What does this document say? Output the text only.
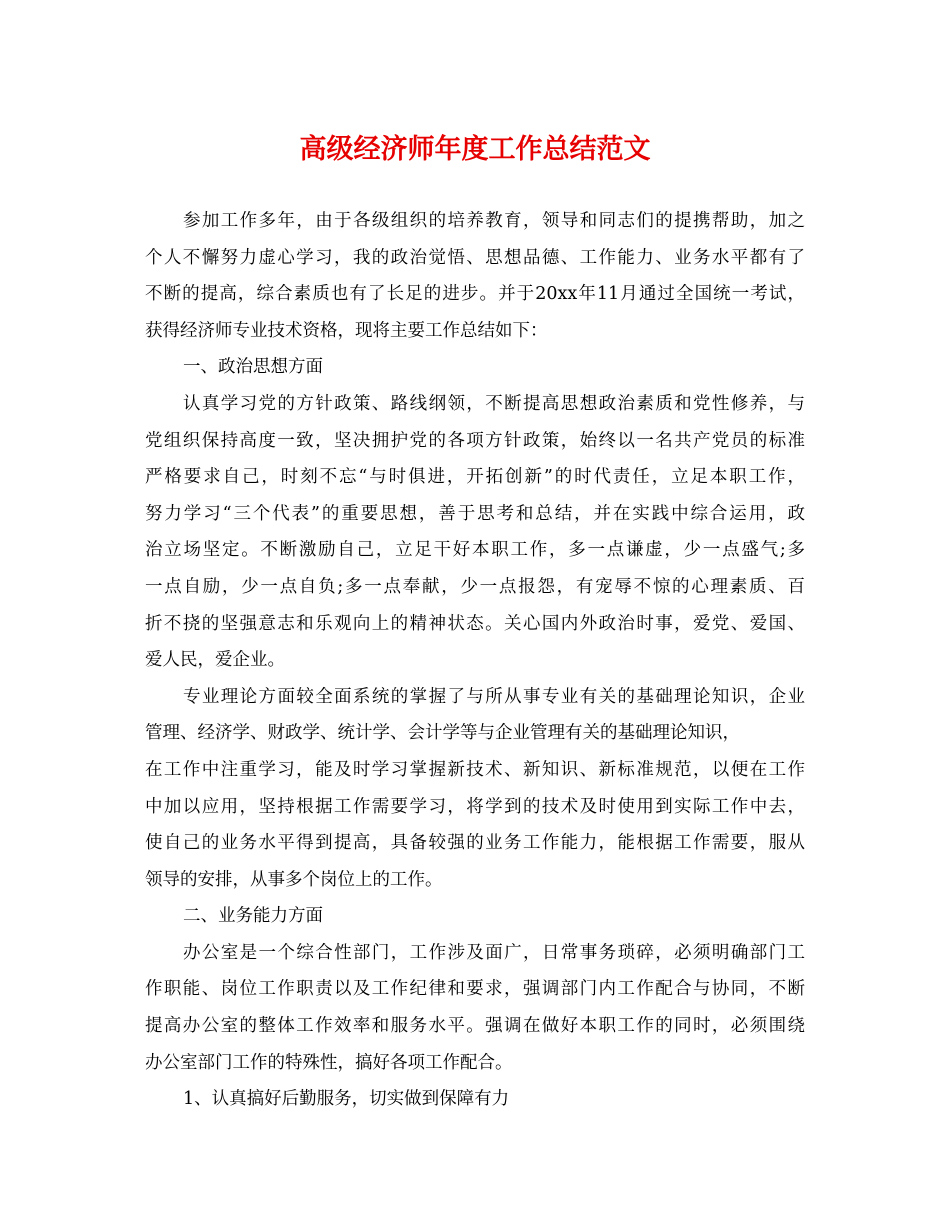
高级经济师年度工作总结范文
参加工作多年，由于各级组织的培养教育，领导和同志们的提携帮助，加之
个人不懈努力虚心学习，我的政治觉悟、思想品德、工作能力、业务水平都有了
不断的提高，综合素质也有了长足的进步。并于20xx年11月通过全国统一考试，
获得经济师专业技术资格，现将主要工作总结如下：
一、政治思想方面
认真学习党的方针政策、路线纲领，不断提高思想政治素质和党性修养，与
党组织保持高度一致，坚决拥护党的各项方针政策，始终以一名共产党员的标准
严格要求自己，时刻不忘“与时俱进，开拓创新”的时代责任，立足本职工作，
努力学习“三个代表”的重要思想，善于思考和总结，并在实践中综合运用，政
治立场坚定。不断激励自己，立足干好本职工作，多一点谦虚，少一点盛气;多
一点自励，少一点自负;多一点奉献，少一点报怨，有宠辱不惊的心理素质、百
折不挠的坚强意志和乐观向上的精神状态。关心国内外政治时事，爱党、爱国、
爱人民，爱企业。
专业理论方面较全面系统的掌握了与所从事专业有关的基础理论知识，企业
管理、经济学、财政学、统计学、会计学等与企业管理有关的基础理论知识，
在工作中注重学习，能及时学习掌握新技术、新知识、新标准规范，以便在工作
中加以应用，坚持根据工作需要学习，将学到的技术及时使用到实际工作中去，
使自己的业务水平得到提高，具备较强的业务工作能力，能根据工作需要，服从
领导的安排，从事多个岗位上的工作。
二、业务能力方面
办公室是一个综合性部门，工作涉及面广，日常事务琐碎，必须明确部门工
作职能、岗位工作职责以及工作纪律和要求，强调部门内工作配合与协同，不断
提高办公室的整体工作效率和服务水平。强调在做好本职工作的同时，必须围绕
办公室部门工作的特殊性，搞好各项工作配合。
1、认真搞好后勤服务，切实做到保障有力
